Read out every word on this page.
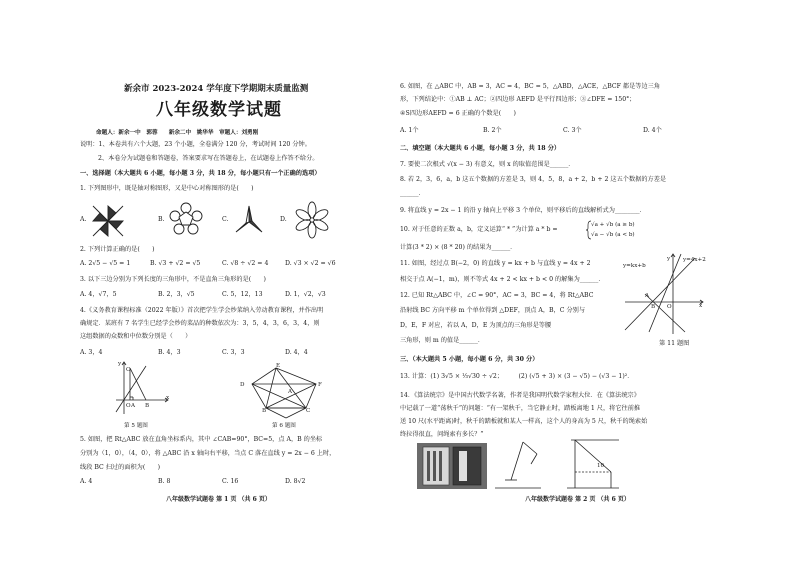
新余市 2023-2024 学年度下学期期末质量监测
八年级数学试题
命题人：新余一中　郭蓉　　新余二中　姚华华　审题人：刘勇刚
说明：1、本卷共有六个大题，23 个小题，全卷满分 120 分，考试时间 120 分钟。
2、本卷分为试题卷和答题卷，答案要求写在答题卷上，在试题卷上作答不给分。
一、选择题（本大题共 6 小题，每小题 3 分，共 18 分，每小题只有一个正确的选项）
1. 下列图形中，既是轴对称图形，又是中心对称图形的是(　　)
A.	B.	C.	D.
2. 下列计算正确的是(　　)
A. 2√5 − √5 = 1	B. √3 + √2 = √5	C. √8 ÷ √2 = 4	D. √3 × √2 = √6
3. 以下三边分别为下列长度的三角形中，不是直角三角形的是(　　)
A. 4，√7，5	B. 2，3，√5	C. 5，12，13	D. 1，√2，√3
4.《义务教育课程标准（2022 年版）》首次把学生学会炒菜纳入劳动教育课程，并作出明
确规定．某班有 7 名学生已经学会炒的菜品的种数依次为：3，5，4，3，6，3，4，则
这组数据的众数和中位数分别是（　　）
A. 3，4	B. 4，3	C. 3，3	D. 4，4
C
O A B
x
y
第 5 题图
D
E
F
B	C
A
第 6 题图
5. 如图，把 Rt△ABC 放在直角坐标系内，其中 ∠CAB=90°，BC=5，点 A，B 的坐标
分别为（1，0），（4，0），将 △ABC 沿 x 轴向右平移，当点 C 落在直线 y = 2x − 6 上时，
线段 BC 扫过的面积为(　　)
A. 4	B. 8	C. 16	D. 8√2
八年级数学试题卷 第 1 页 （共 6 页）
6. 如图，在 △ABC 中，AB = 3，AC = 4，BC = 5，△ABD，△ACE，△BCF 都是等边三角
形，下列结论中：①AB ⊥ AC；②四边形 AEFD 是平行四边形；③∠DFE = 150°；
④S四边形AEFD = 6 正确的个数是(　　)
A. 1个	B. 2个	C. 3个	D. 4个
二、填空题（本大题共 6 小题，每小题 3 分，共 18 分）
7. 要使二次根式 √(x − 3) 有意义，则 x 的取值范围是______．
8. 若 2，3，6，a，b 这五个数据的方差是 3，则 4，5，8，a + 2，b + 2 这五个数据的方差是
______．
9. 将直线 y = 2x − 1 的沿 y 轴向上平移 3 个单位，则平移后的直线解析式为________．
10. 对于任意的正数 a，b，定义运算“ * ”为计算 a * b =
√a + √b (a ≥ b)
√a − √b (a < b)
计算(3 * 2) × (8 * 20) 的结果为______．
11. 如图，经过点 B(−2，0) 的直线 y = kx + b 与直线 y = 4x + 2
相交于点 A(−1，m)，则不等式 4x + 2 < kx + b < 0 的解集为______．
12. 已知 Rt△ABC 中，∠C = 90°，AC = 3，BC = 4，将 Rt△ABC
沿射线 BC 方向平移 m 个单位得到 △DEF，顶点 A，B，C 分别与
D，E，F 对应，若以 A，D，E 为顶点的三角形是等腰
三角形，则 m 的值是______．
y=kx+b
y=4x+2
y
x
O
B
A
第 11 题图
三、（本大题共 5 小题，每小题 6 分，共 30 分）
13. 计算：(1) 3√5 × ⅓√30 ÷ √2；　　　(2) (√5 + 3) × (3 − √5) − (√3 − 1)²．
14．《算法统宗》是中国古代数学名著，作者是我国明代数学家程大位．在《算法统宗》
中记载了一道“荡秋千”的问题：“有一架秋千，当它静止时，踏板离地 1 尺，将它往前推
送 10 尺(水平距离)时，秋千的踏板就和某人一样高，这个人的身高为 5 尺，秋千的绳索始
终拉得很直，问绳索有多长？”
10
八年级数学试题卷 第 2 页 （共 6 页）
